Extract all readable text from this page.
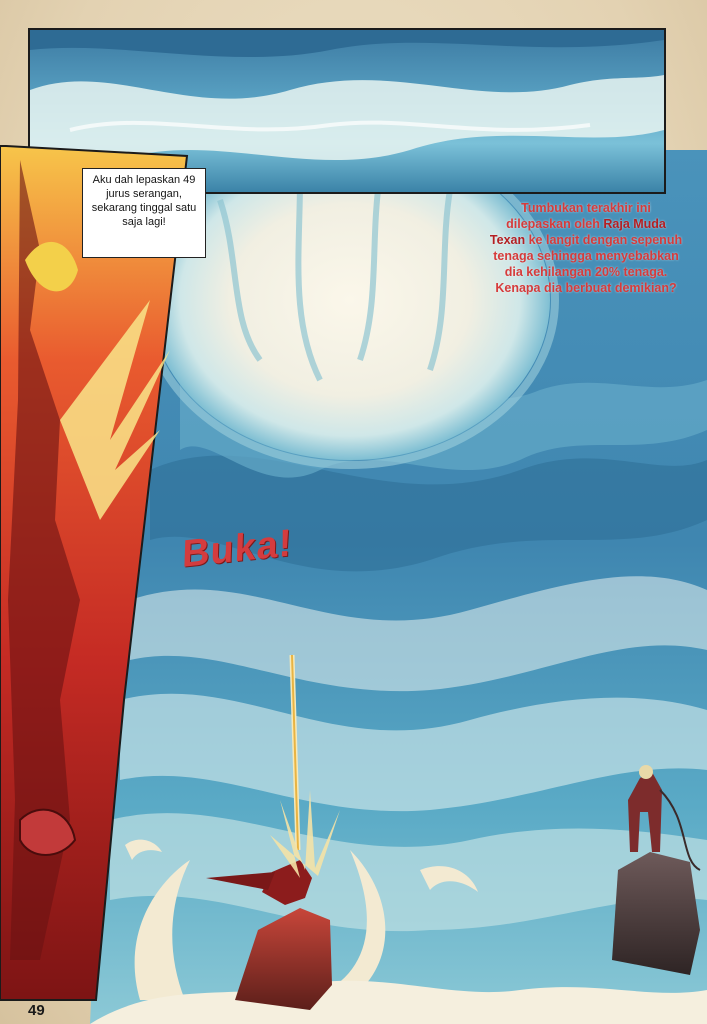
Aku dah lepaskan 49 jurus serangan, sekarang tinggal satu saja lagi!
Tumbukan terakhir ini dilepaskan oleh Raja Muda Texan ke langit dengan sepenuh tenaga sehingga menyebabkan dia kehilangan 20% tenaga. Kenapa dia berbuat demikian?
Buka!
49
